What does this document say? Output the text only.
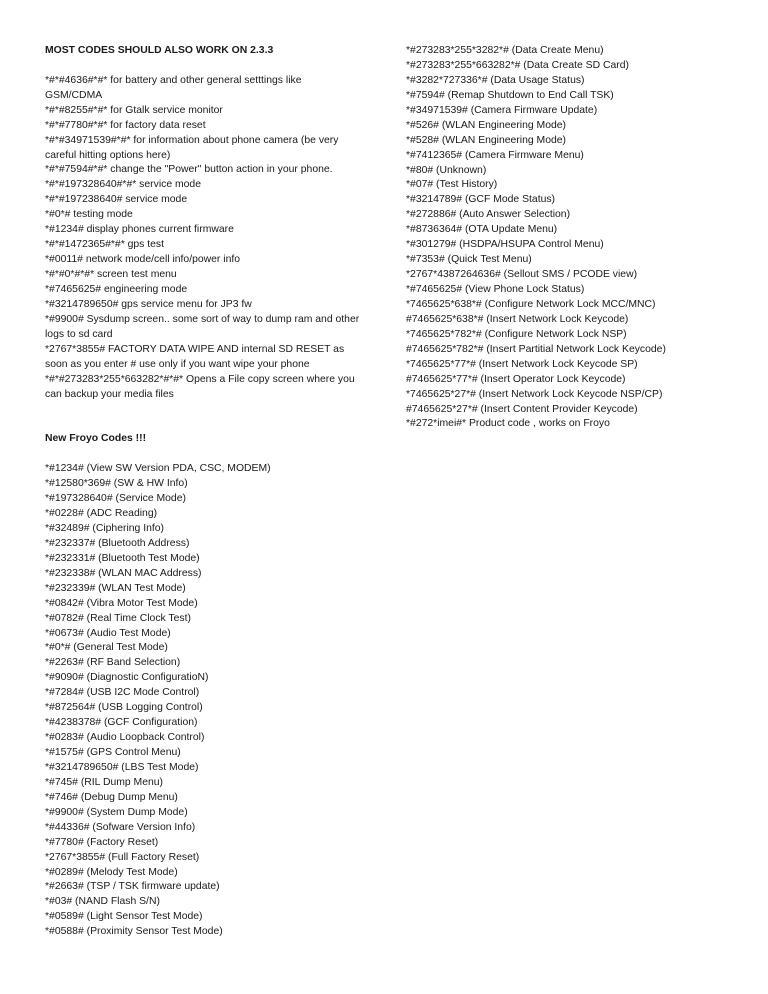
MOST CODES SHOULD ALSO WORK ON 2.3.3
*#*#4636#*#* for battery and other general setttings like GSM/CDMA
*#*#8255#*#* for Gtalk service monitor
*#*#7780#*#* for factory data reset
*#*#34971539#*#* for information about phone camera (be very careful hitting options here)
*#*#7594#*#* change the "Power" button action in your phone.
*#*#197328640#*#* service mode
*#*#197238640# service mode
*#0*# testing mode
*#1234# display phones current firmware
*#*#1472365#*#* gps test
*#0011# network mode/cell info/power info
*#*#0*#*#* screen test menu
*#7465625# engineering mode
*#3214789650# gps service menu for JP3 fw
*#9900# Sysdump screen.. some sort of way to dump ram and other logs to sd card
*2767*3855# FACTORY DATA WIPE AND internal SD RESET as soon as you enter # use only if you want wipe your phone
*#*#273283*255*663282*#*#* Opens a File copy screen where you can backup your media files
New Froyo Codes !!!
*#1234# (View SW Version PDA, CSC, MODEM)
*#12580*369# (SW & HW Info)
*#197328640# (Service Mode)
*#0228# (ADC Reading)
*#32489# (Ciphering Info)
*#232337# (Bluetooth Address)
*#232331# (Bluetooth Test Mode)
*#232338# (WLAN MAC Address)
*#232339# (WLAN Test Mode)
*#0842# (Vibra Motor Test Mode)
*#0782# (Real Time Clock Test)
*#0673# (Audio Test Mode)
*#0*# (General Test Mode)
*#2263# (RF Band Selection)
*#9090# (Diagnostic ConfiguratioN)
*#7284# (USB I2C Mode Control)
*#872564# (USB Logging Control)
*#4238378# (GCF Configuration)
*#0283# (Audio Loopback Control)
*#1575# (GPS Control Menu)
*#3214789650# (LBS Test Mode)
*#745# (RIL Dump Menu)
*#746# (Debug Dump Menu)
*#9900# (System Dump Mode)
*#44336# (Sofware Version Info)
*#7780# (Factory Reset)
*2767*3855# (Full Factory Reset)
*#0289# (Melody Test Mode)
*#2663# (TSP / TSK firmware update)
*#03# (NAND Flash S/N)
*#0589# (Light Sensor Test Mode)
*#0588# (Proximity Sensor Test Mode)
*#273283*255*3282*# (Data Create Menu)
*#273283*255*663282*# (Data Create SD Card)
*#3282*727336*# (Data Usage Status)
*#7594# (Remap Shutdown to End Call TSK)
*#34971539# (Camera Firmware Update)
*#526# (WLAN Engineering Mode)
*#528# (WLAN Engineering Mode)
*#7412365# (Camera Firmware Menu)
*#80# (Unknown)
*#07# (Test History)
*#3214789# (GCF Mode Status)
*#272886# (Auto Answer Selection)
*#8736364# (OTA Update Menu)
*#301279# (HSDPA/HSUPA Control Menu)
*#7353# (Quick Test Menu)
*2767*4387264636# (Sellout SMS / PCODE view)
*#7465625# (View Phone Lock Status)
*7465625*638*# (Configure Network Lock MCC/MNC)
#7465625*638*# (Insert Network Lock Keycode)
*7465625*782*# (Configure Network Lock NSP)
#7465625*782*# (Insert Partitial Network Lock Keycode)
*7465625*77*# (Insert Network Lock Keycode SP)
#7465625*77*# (Insert Operator Lock Keycode)
*7465625*27*# (Insert Network Lock Keycode NSP/CP)
#7465625*27*# (Insert Content Provider Keycode)
*#272*imei#* Product code , works on Froyo
